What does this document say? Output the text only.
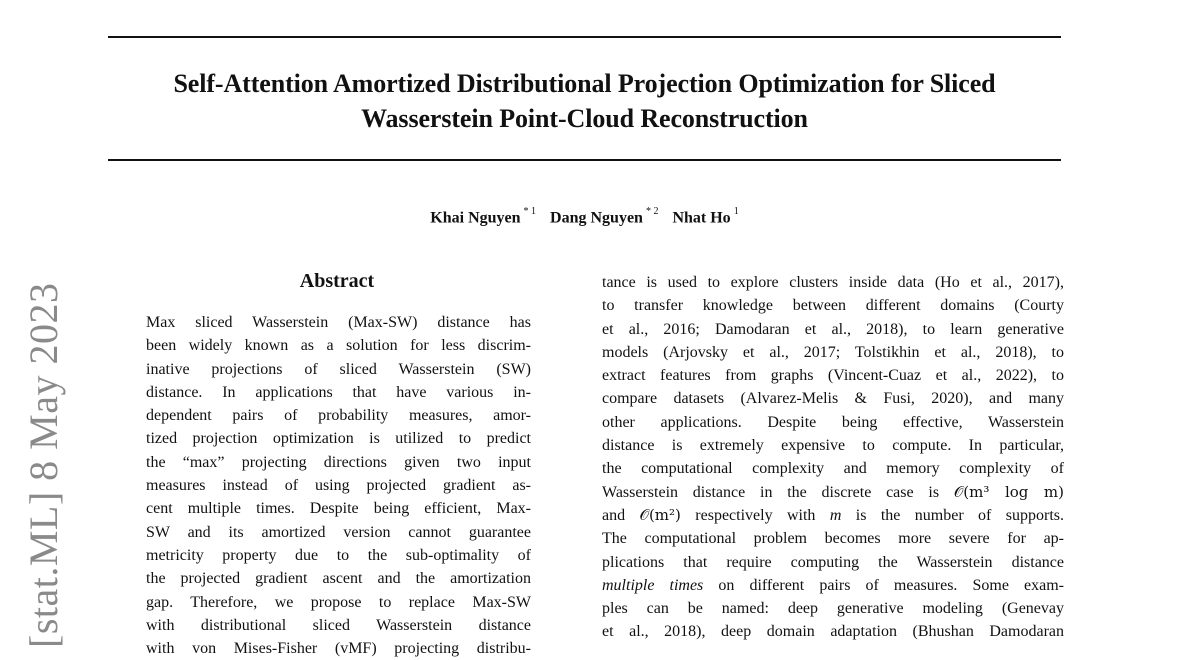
Self-Attention Amortized Distributional Projection Optimization for Sliced
Wasserstein Point-Cloud Reconstruction
Khai Nguyen $^{* 1}$ Dang Nguyen $^{* 2}$ Nhat Ho $^1$
[stat.ML] 8 May 2023
Abstract
Max sliced Wasserstein (Max-SW) distance has
been widely known as a solution for less discrim-
inative projections of sliced Wasserstein (SW)
distance. In applications that have various in-
dependent pairs of probability measures, amor-
tized projection optimization is utilized to predict
the “max” projecting directions given two input
measures instead of using projected gradient as-
cent multiple times. Despite being efficient, Max-
SW and its amortized version cannot guarantee
metricity property due to the sub-optimality of
the projected gradient ascent and the amortization
gap. Therefore, we propose to replace Max-SW
with distributional sliced Wasserstein distance
with von Mises-Fisher (vMF) projecting distribu-
tance is used to explore clusters inside data (Ho et al., 2017),
to transfer knowledge between different domains (Courty
et al., 2016; Damodaran et al., 2018), to learn generative
models (Arjovsky et al., 2017; Tolstikhin et al., 2018), to
extract features from graphs (Vincent-Cuaz et al., 2022), to
compare datasets (Alvarez-Melis & Fusi, 2020), and many
other applications. Despite being effective, Wasserstein
distance is extremely expensive to compute. In particular,
the computational complexity and memory complexity of
Wasserstein distance in the discrete case is 𝒪(m³ log m)
and 𝒪(m²) respectively with m is the number of supports.
The computational problem becomes more severe for ap-
plications that require computing the Wasserstein distance
multiple times on different pairs of measures. Some exam-
ples can be named: deep generative modeling (Genevay
et al., 2018), deep domain adaptation (Bhushan Damodaran
